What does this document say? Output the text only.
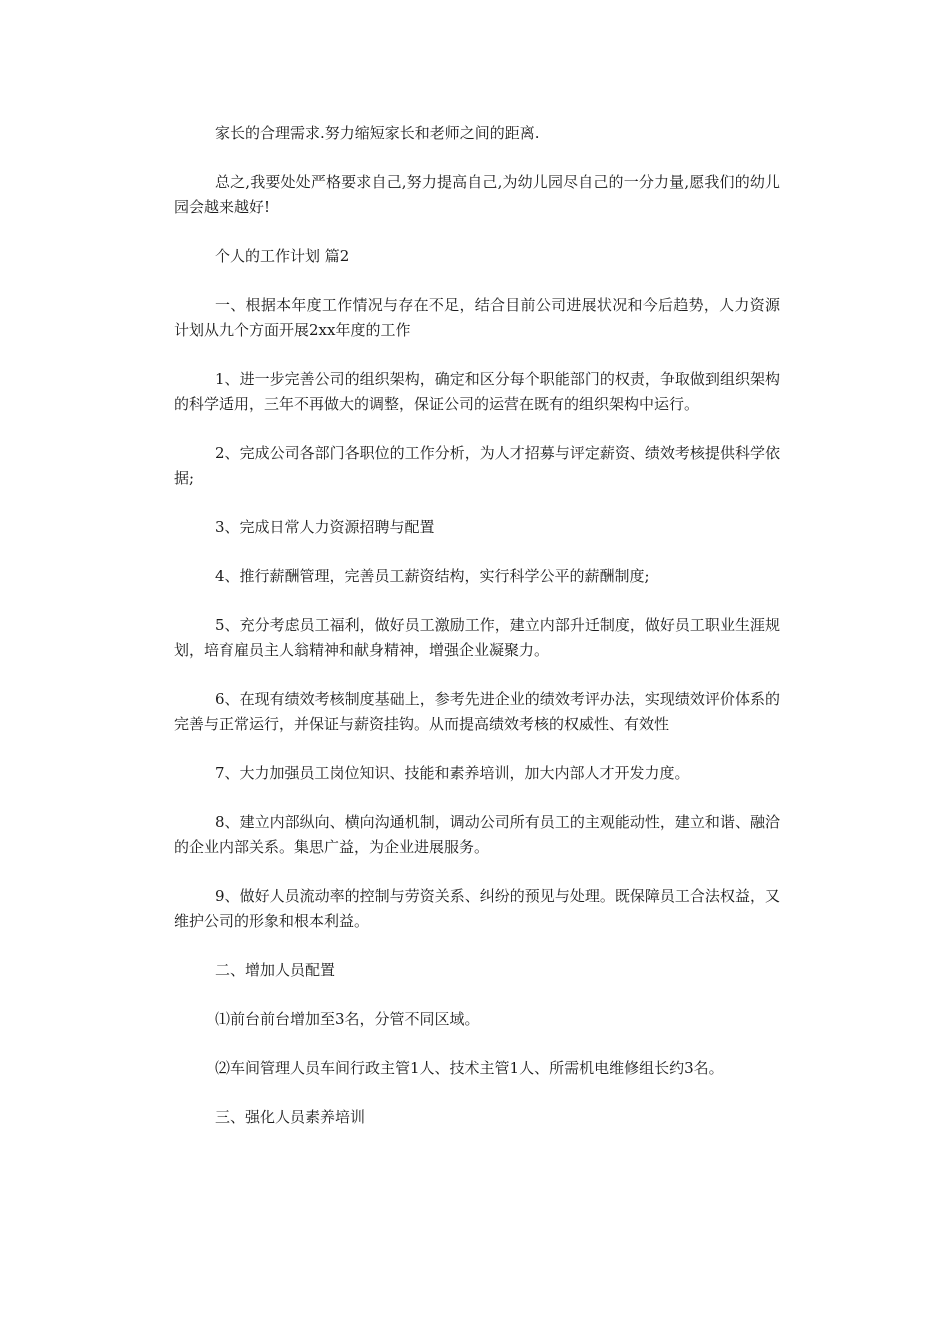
家长的合理需求.努力缩短家长和老师之间的距离.

总之,我要处处严格要求自己,努力提高自己,为幼儿园尽自己的一分力量,愿我们的幼儿园会越来越好!

个人的工作计划 篇2

一、根据本年度工作情况与存在不足，结合目前公司进展状况和今后趋势，人力资源计划从九个方面开展2xx年度的工作

1、进一步完善公司的组织架构，确定和区分每个职能部门的权责，争取做到组织架构的科学适用，三年不再做大的调整，保证公司的运营在既有的组织架构中运行。

2、完成公司各部门各职位的工作分析，为人才招募与评定薪资、绩效考核提供科学依据;

3、完成日常人力资源招聘与配置

4、推行薪酬管理，完善员工薪资结构，实行科学公平的薪酬制度;

5、充分考虑员工福利，做好员工激励工作，建立内部升迁制度，做好员工职业生涯规划，培育雇员主人翁精神和献身精神，增强企业凝聚力。

6、在现有绩效考核制度基础上，参考先进企业的绩效考评办法，实现绩效评价体系的完善与正常运行，并保证与薪资挂钩。从而提高绩效考核的权威性、有效性

7、大力加强员工岗位知识、技能和素养培训，加大内部人才开发力度。

8、建立内部纵向、横向沟通机制，调动公司所有员工的主观能动性，建立和谐、融洽的企业内部关系。集思广益，为企业进展服务。

9、做好人员流动率的控制与劳资关系、纠纷的预见与处理。既保障员工合法权益，又维护公司的形象和根本利益。

二、增加人员配置

⑴前台前台增加至3名，分管不同区域。

⑵车间管理人员车间行政主管1人、技术主管1人、所需机电维修组长约3名。

三、强化人员素养培训
